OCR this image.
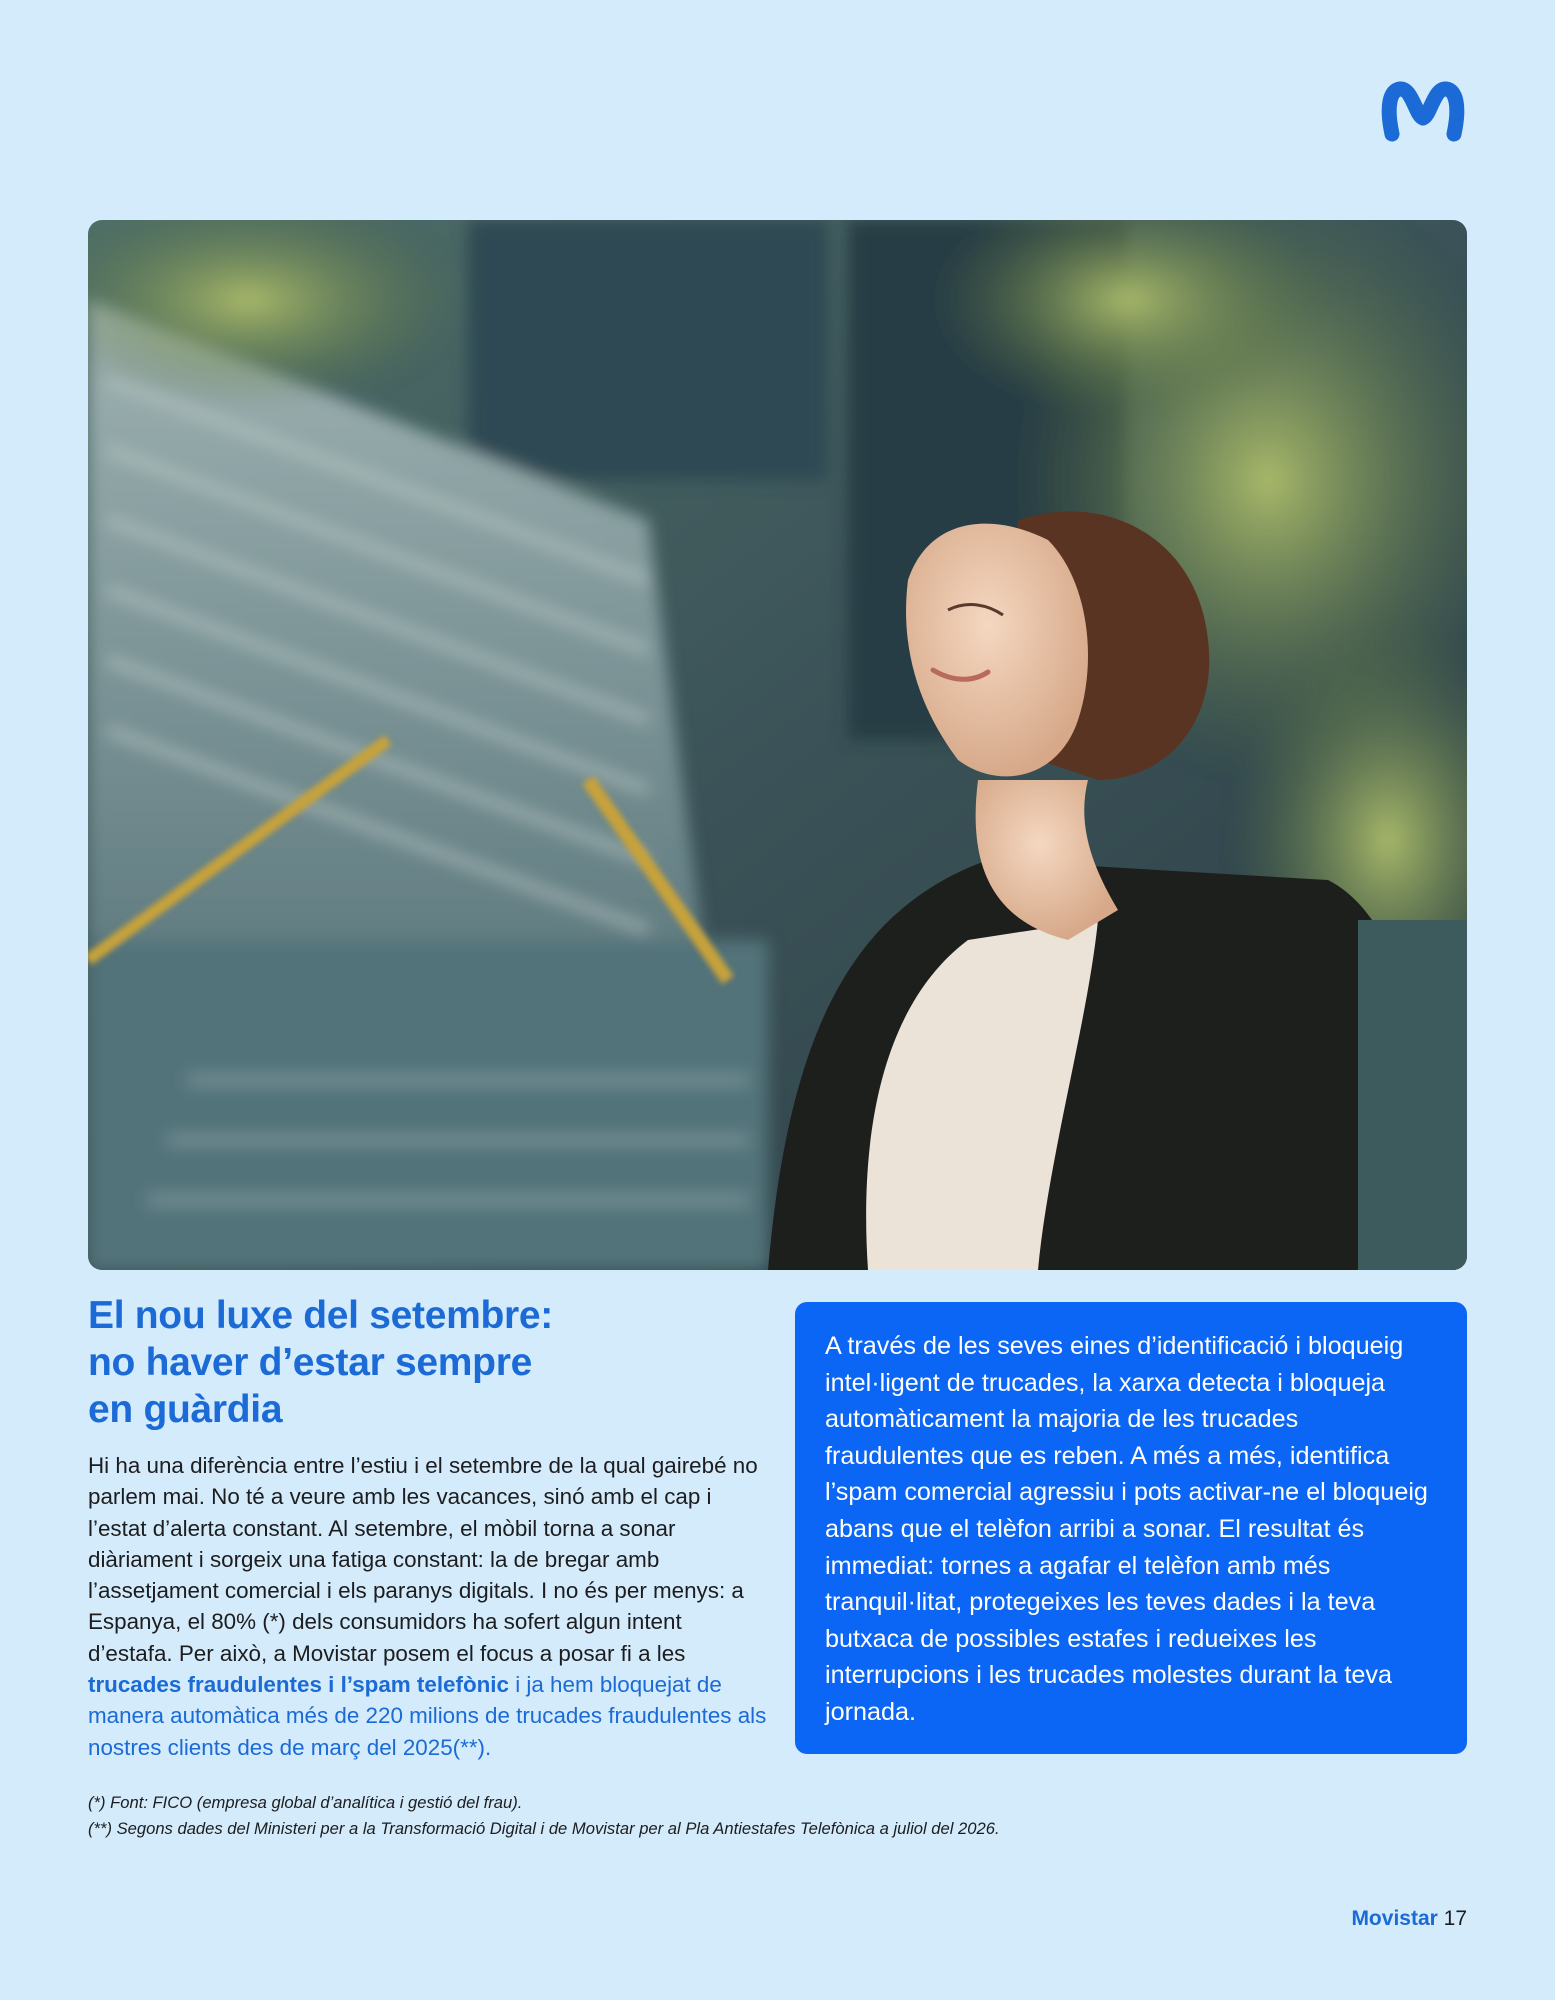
El nou luxe del setembre:
no haver d’estar sempre
en guàrdia

Hi ha una diferència entre l’estiu i el setembre de la qual gairebé no parlem mai. No té a veure amb les vacances, sinó amb el cap i l’estat d’alerta constant. Al setembre, el mòbil torna a sonar diàriament i sorgeix una fatiga constant: la de bregar amb l’assetjament comercial i els paranys digitals. I no és per menys: a Espanya, el 80% (*) dels consumidors ha sofert algun intent d’estafa. Per això, a Movistar posem el focus a posar fi a les trucades fraudulentes i l’spam telefònic i ja hem bloquejat de manera automàtica més de 220 milions de trucades fraudulentes als nostres clients des de març del 2025(**).

A través de les seves eines d’identificació i bloqueig intel·ligent de trucades, la xarxa detecta i bloqueja automàticament la majoria de les trucades fraudulentes que es reben. A més a més, identifica l’spam comercial agressiu i pots activar-ne el bloqueig abans que el telèfon arribi a sonar. El resultat és immediat: tornes a agafar el telèfon amb més tranquil·litat, protegeixes les teves dades i la teva butxaca de possibles estafes i redueixes les interrupcions i les trucades molestes durant la teva jornada.

(*) Font: FICO (empresa global d’analítica i gestió del frau).
(**) Segons dades del Ministeri per a la Transformació Digital i de Movistar per al Pla Antiestafes Telefònica a juliol del 2026.
Movistar 17
